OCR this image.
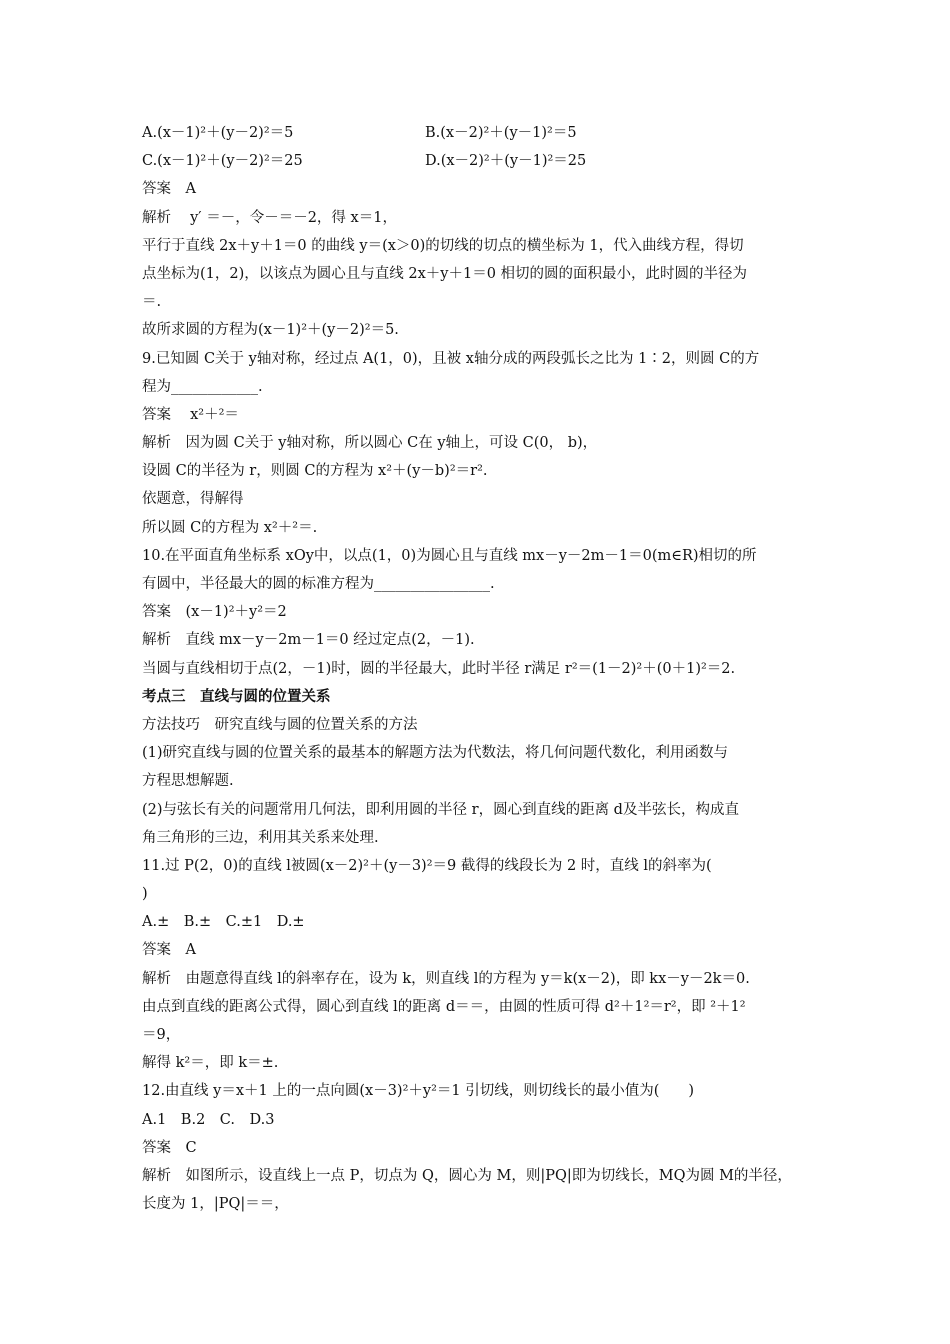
A.(x－1)²＋(y－2)²＝5	B.(x－2)²＋(y－1)²＝5
C.(x－1)²＋(y－2)²＝25	D.(x－2)²＋(y－1)²＝25
答案　A
解析　 y′ ＝－，令－＝－2，得 x＝1，
平行于直线 2x＋y＋1＝0 的曲线 y＝(x＞0)的切线的切点的横坐标为 1，代入曲线方程，得切
点坐标为(1，2)，以该点为圆心且与直线 2x＋y＋1＝0 相切的圆的面积最小，此时圆的半径为
＝.
故所求圆的方程为(x－1)²＋(y－2)²＝5.
9.已知圆 C关于 y轴对称，经过点 A(1，0)，且被 x轴分成的两段弧长之比为 1∶2，则圆 C的方
程为____________.
答案　 x²＋²＝
解析　因为圆 C关于 y轴对称，所以圆心 C在 y轴上，可设 C(0， b)，
设圆 C的半径为 r，则圆 C的方程为 x²＋(y－b)²＝r².
依题意，得解得
所以圆 C的方程为 x²＋²＝.
10.在平面直角坐标系 xOy中，以点(1，0)为圆心且与直线 mx－y－2m－1＝0(m∈R)相切的所
有圆中，半径最大的圆的标准方程为________________.
答案　(x－1)²＋y²＝2
解析　直线 mx－y－2m－1＝0 经过定点(2，－1).
当圆与直线相切于点(2，－1)时，圆的半径最大，此时半径 r满足 r²＝(1－2)²＋(0＋1)²＝2.
考点三　直线与圆的位置关系
方法技巧　研究直线与圆的位置关系的方法
(1)研究直线与圆的位置关系的最基本的解题方法为代数法，将几何问题代数化，利用函数与
方程思想解题.
(2)与弦长有关的问题常用几何法，即利用圆的半径 r，圆心到直线的距离 d及半弦长，构成直
角三角形的三边，利用其关系来处理.
11.过 P(2，0)的直线 l被圆(x－2)²＋(y－3)²＝9 截得的线段长为 2 时，直线 l的斜率为(
)
A.±　B.±　C.±1　D.±
答案　A
解析　由题意得直线 l的斜率存在，设为 k，则直线 l的方程为 y＝k(x－2)，即 kx－y－2k＝0.
由点到直线的距离公式得，圆心到直线 l的距离 d＝＝，由圆的性质可得 d²＋1²＝r²，即 ²＋1²
＝9，
解得 k²＝，即 k＝±.
12.由直线 y＝x＋1 上的一点向圆(x－3)²＋y²＝1 引切线，则切线长的最小值为(　　)
A.1　B.2　C.　D.3
答案　C
解析　如图所示，设直线上一点 P，切点为 Q，圆心为 M，则|PQ|即为切线长，MQ为圆 M的半径，
长度为 1，|PQ|＝＝，
